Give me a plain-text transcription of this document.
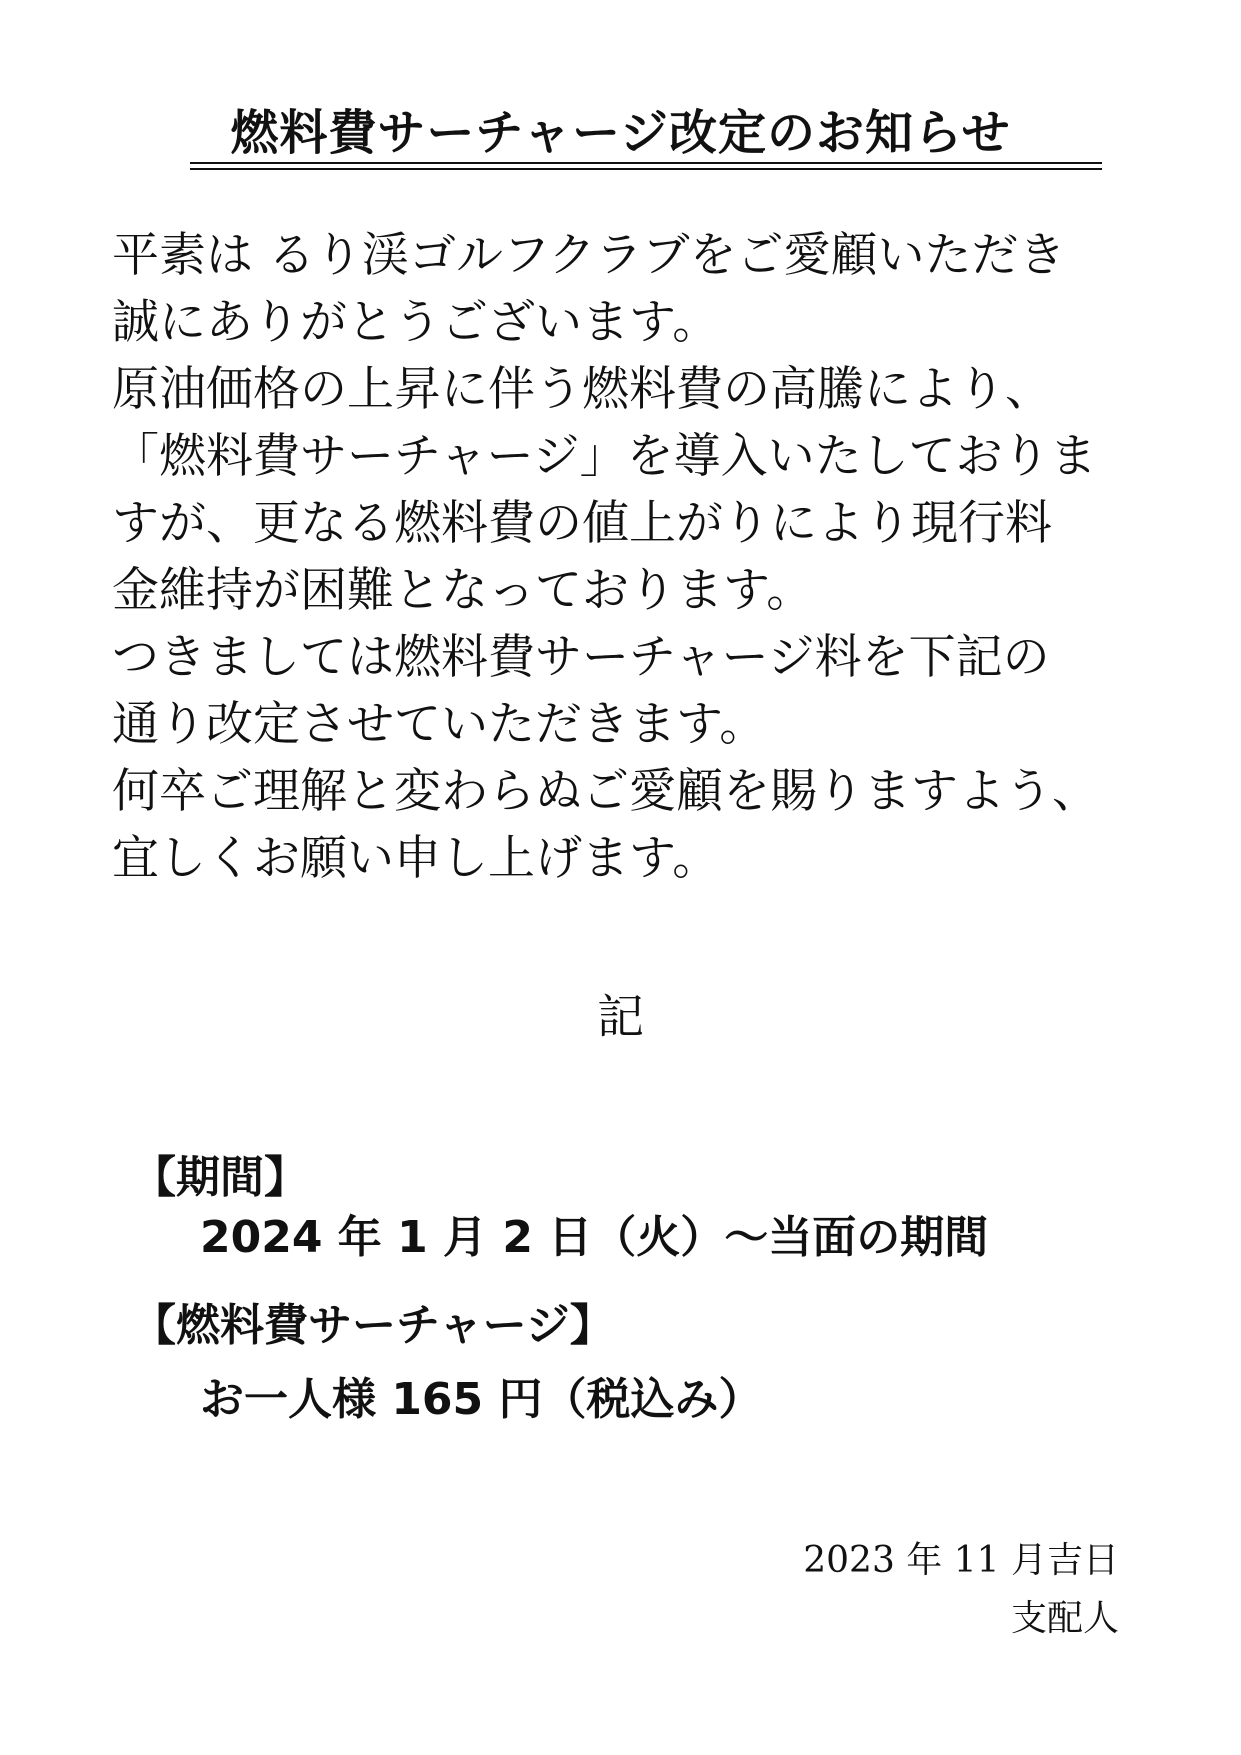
燃料費サーチャージ改定のお知らせ
平素は るり渓ゴルフクラブをご愛顧いただき
誠にありがとうございます。
原油価格の上昇に伴う燃料費の高騰により、
「燃料費サーチャージ」を導入いたしておりま
すが、更なる燃料費の値上がりにより現行料
金維持が困難となっております。
つきましては燃料費サーチャージ料を下記の
通り改定させていただきます。
何卒ご理解と変わらぬご愛顧を賜りますよう、
宜しくお願い申し上げます。
記
【期間】
2024 年 1 月 2 日（火）～当面の期間
【燃料費サーチャージ】
お一人様 165 円（税込み）
2023 年 11 月吉日
支配人
